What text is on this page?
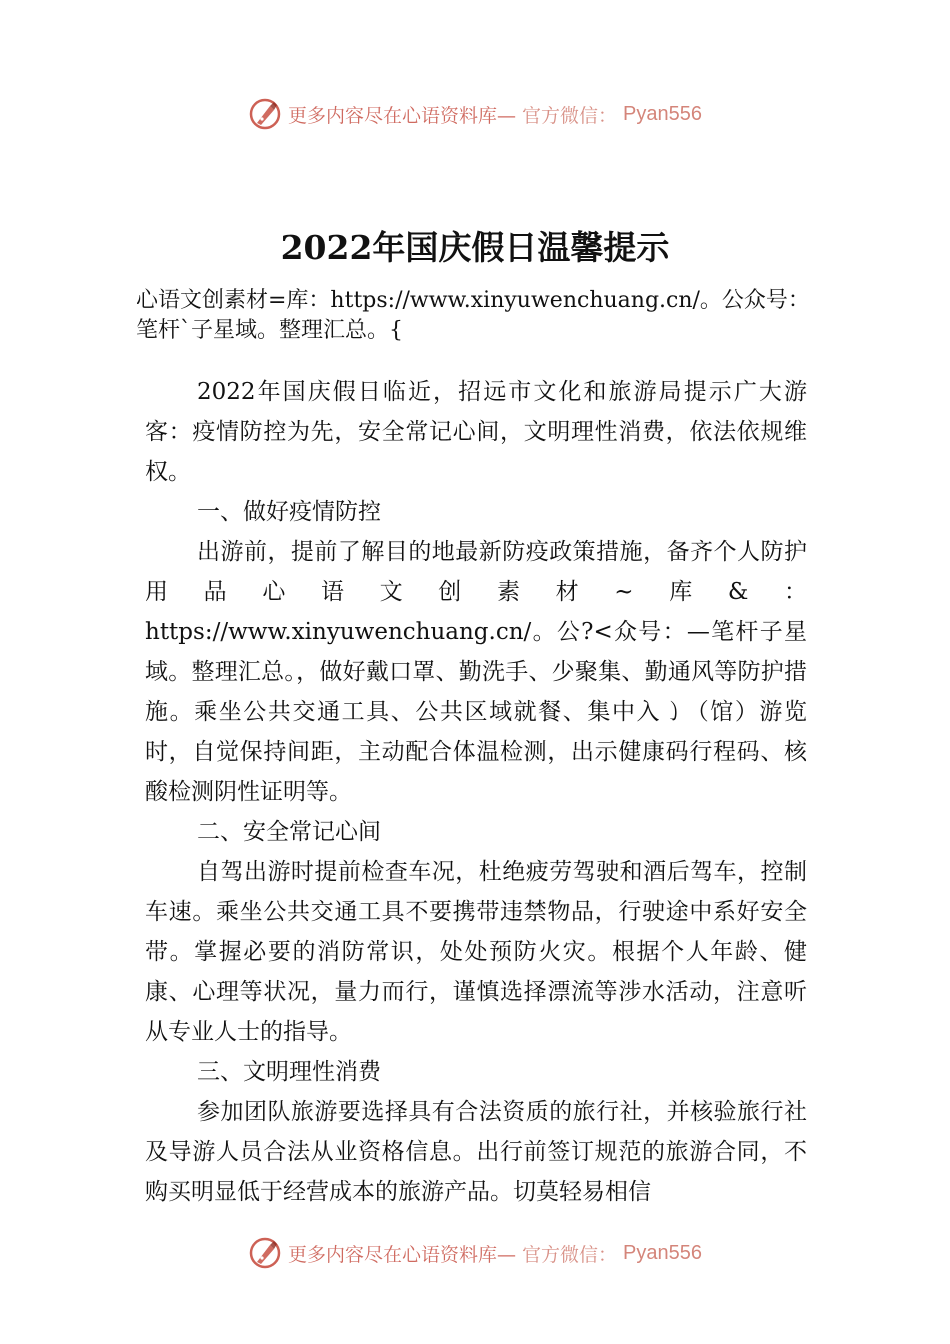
更多内容尽在心语资料库— 官方微信： Pyan556
2022年国庆假日温馨提示
心语文创素材=库：https://www.xinyuwenchuang.cn/。公众号：笔杆`子星域。整理汇总。{

2022年国庆假日临近，招远市文化和旅游局提示广大游客：疫情防控为先，安全常记心间，文明理性消费，依法依规维权。

一、做好疫情防控

出游前，提前了解目的地最新防疫政策措施，备齐个人防护用品心语文创素材~库&：

https://www.xinyuwenchuang.cn/。公?<众号：—笔杆子星域。整理汇总。，做好戴口罩、勤洗手、少聚集、勤通风等防护措施。乘坐公共交通工具、公共区域就餐、集中入㇁（馆）游览时，自觉保持间距，主动配合体温检测，出示健康码行程码、核酸检测阴性证明等。

二、安全常记心间

自驾出游时提前检查车况，杜绝疲劳驾驶和酒后驾车，控制车速。乘坐公共交通工具不要携带违禁物品，行驶途中系好安全带。掌握必要的消防常识，处处预防火灾。根据个人年龄、健康、心理等状况，量力而行，谨慎选择漂流等涉水活动，注意听从专业人士的指导。

三、文明理性消费

参加团队旅游要选择具有合法资质的旅行社，并核验旅行社及导游人员合法从业资格信息。出行前签订规范的旅游合同，不购买明显低于经营成本的旅游产品。切莫轻易相信

更多内容尽在心语资料库— 官方微信： Pyan556
